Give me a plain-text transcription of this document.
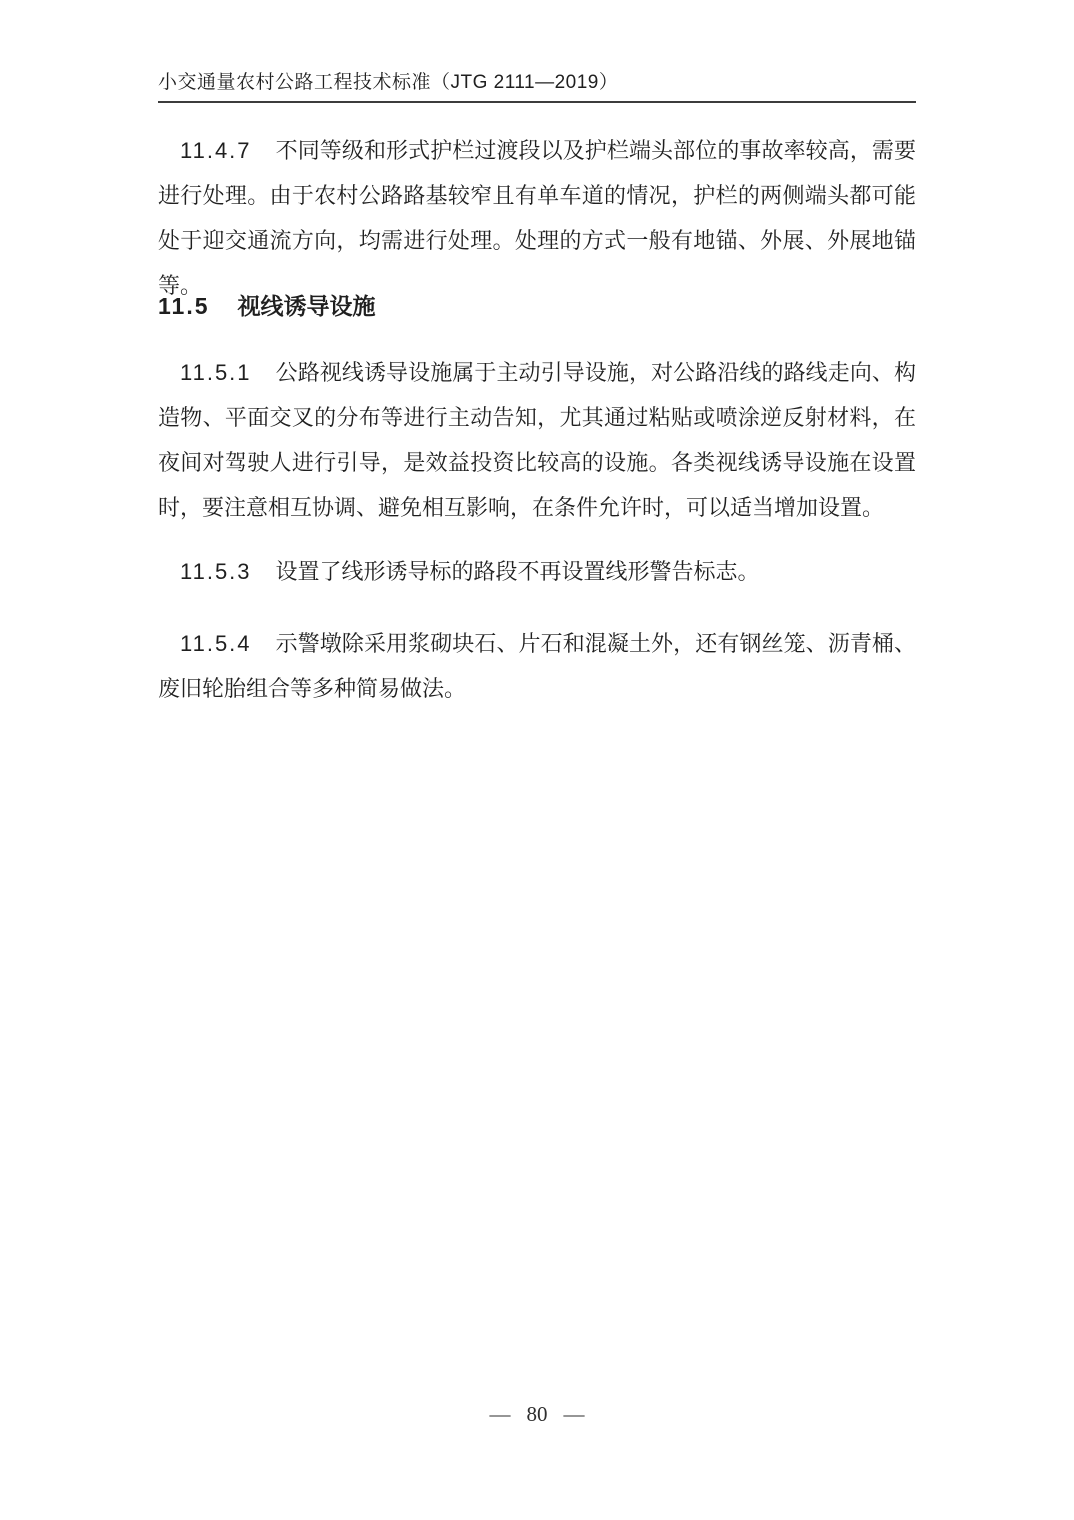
小交通量农村公路工程技术标准（JTG 2111—2019）

11.4.7 不同等级和形式护栏过渡段以及护栏端头部位的事故率较高，需要进行处理。由于农村公路路基较窄且有单车道的情况，护栏的两侧端头都可能处于迎交通流方向，均需进行处理。处理的方式一般有地锚、外展、外展地锚等。

11.5 视线诱导设施

11.5.1 公路视线诱导设施属于主动引导设施，对公路沿线的路线走向、构造物、平面交叉的分布等进行主动告知，尤其通过粘贴或喷涂逆反射材料，在夜间对驾驶人进行引导，是效益投资比较高的设施。各类视线诱导设施在设置时，要注意相互协调、避免相互影响，在条件允许时，可以适当增加设置。

11.5.3 设置了线形诱导标的路段不再设置线形警告标志。

11.5.4 示警墩除采用浆砌块石、片石和混凝土外，还有钢丝笼、沥青桶、废旧轮胎组合等多种简易做法。

— 80 —
